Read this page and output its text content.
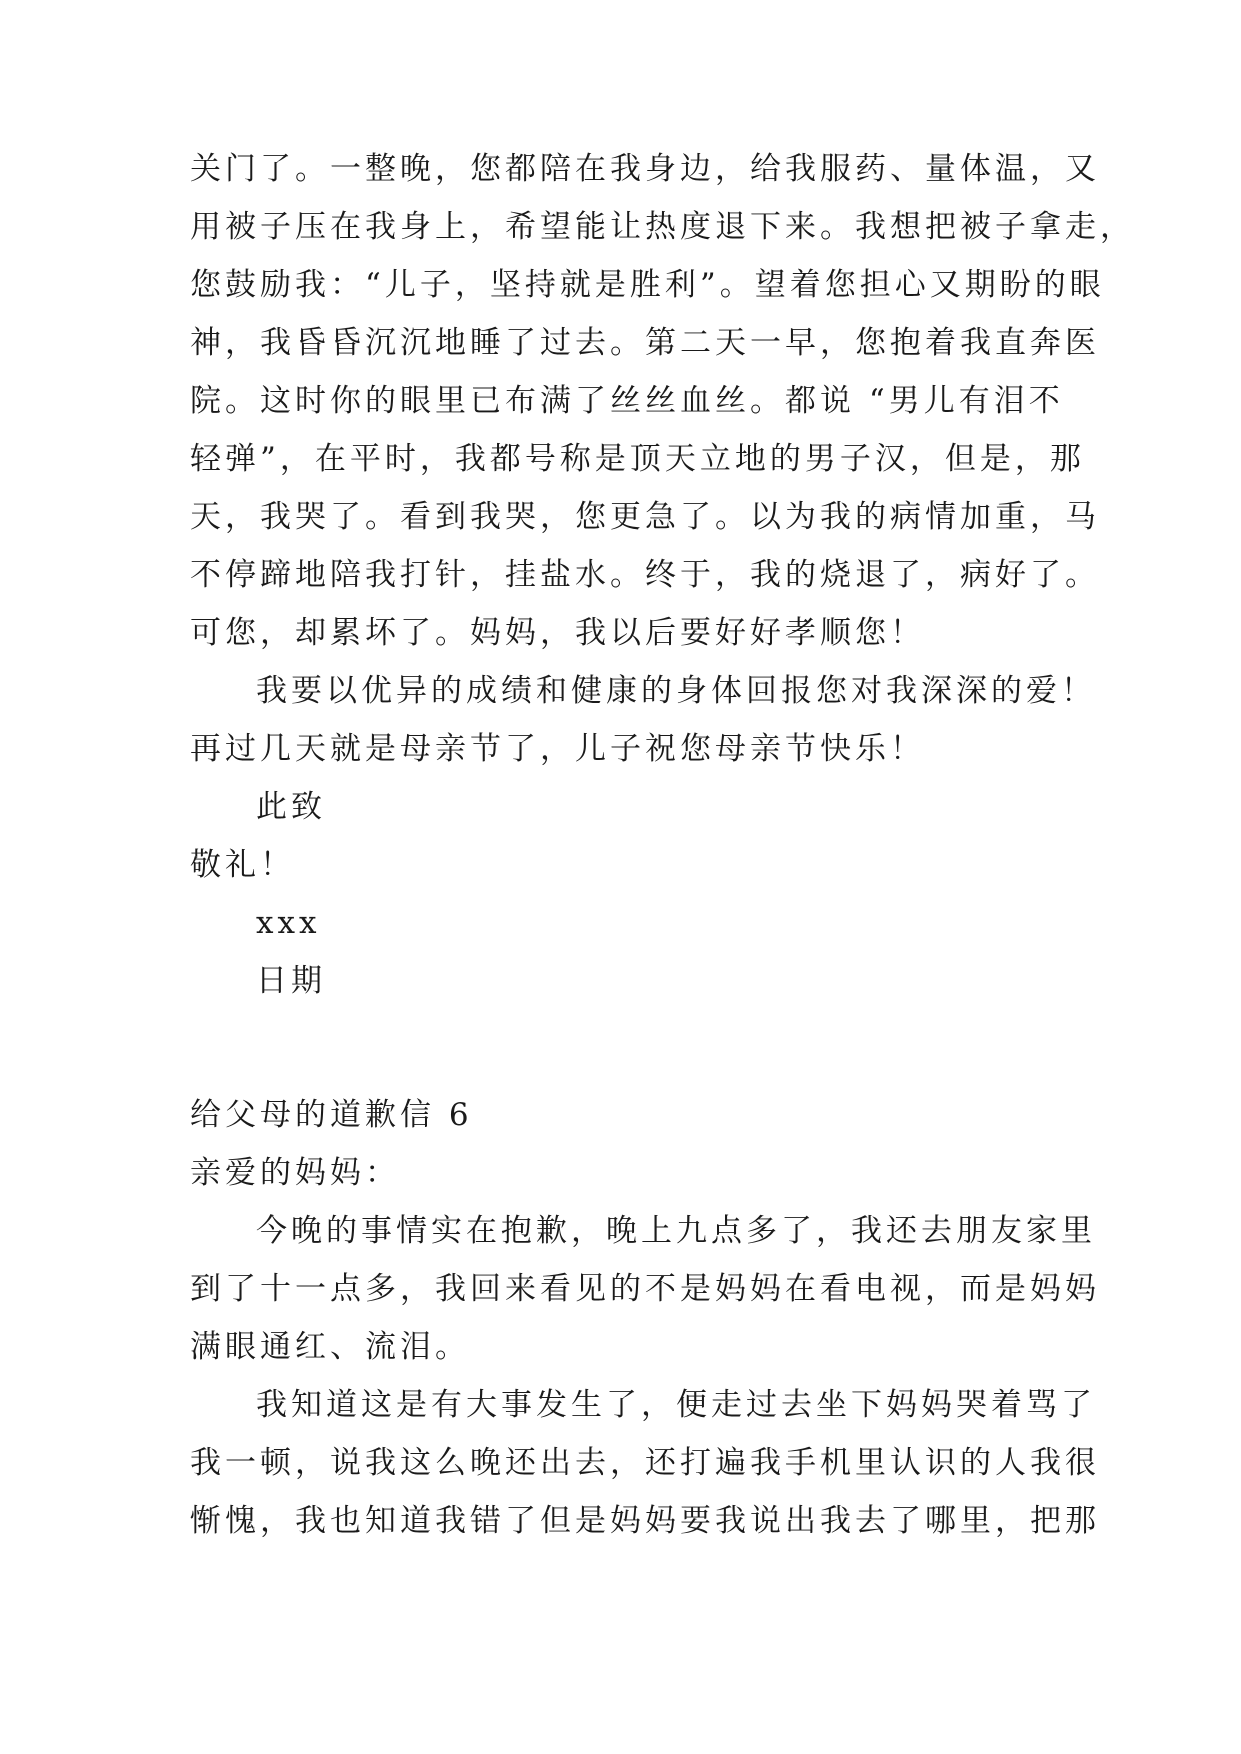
关门了。一整晚，您都陪在我身边，给我服药、量体温，又
用被子压在我身上，希望能让热度退下来。我想把被子拿走，
您鼓励我：“儿子，坚持就是胜利”。望着您担心又期盼的眼
神，我昏昏沉沉地睡了过去。第二天一早，您抱着我直奔医
院。这时你的眼里已布满了丝丝血丝。都说 “男儿有泪不
轻弹”，在平时，我都号称是顶天立地的男子汉，但是，那
天，我哭了。看到我哭，您更急了。以为我的病情加重，马
不停蹄地陪我打针，挂盐水。终于，我的烧退了，病好了。
可您，却累坏了。妈妈，我以后要好好孝顺您！
我要以优异的成绩和健康的身体回报您对我深深的爱！
再过几天就是母亲节了，儿子祝您母亲节快乐！
此致
敬礼！
xxx
日期
给父母的道歉信 6
亲爱的妈妈：
今晚的事情实在抱歉，晚上九点多了，我还去朋友家里
到了十一点多，我回来看见的不是妈妈在看电视，而是妈妈
满眼通红、流泪。
我知道这是有大事发生了，便走过去坐下妈妈哭着骂了
我一顿，说我这么晚还出去，还打遍我手机里认识的人我很
惭愧，我也知道我错了但是妈妈要我说出我去了哪里，把那
